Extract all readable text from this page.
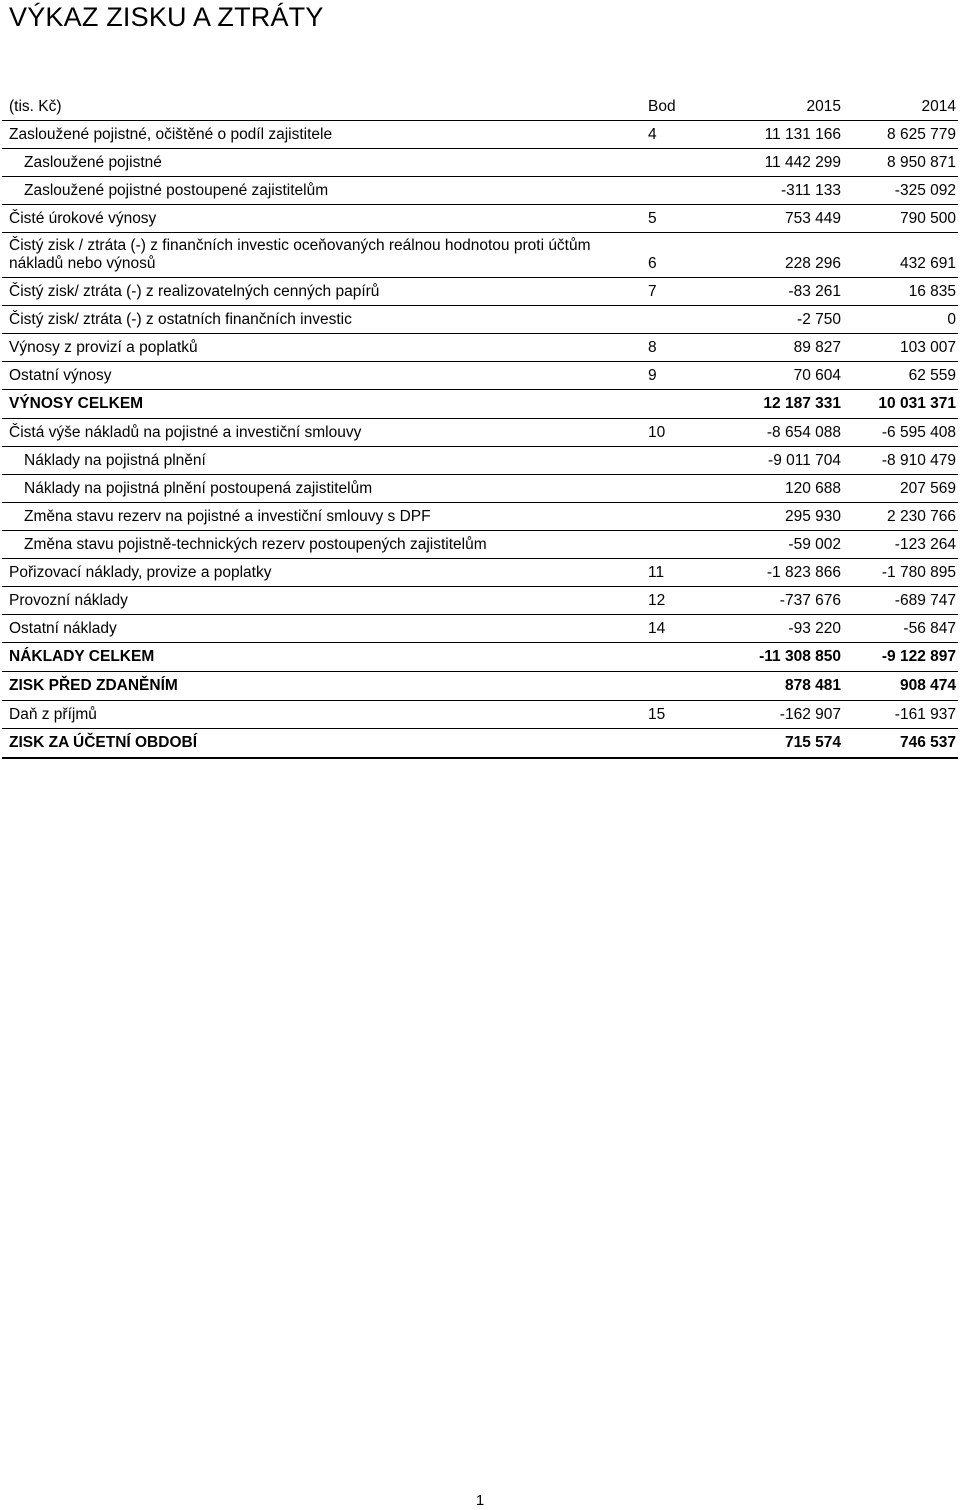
VÝKAZ ZISKU A ZTRÁTY
(tis. Kč)	Bod	2015	2014
Zasloužené pojistné, očištěné o podíl zajistitele	4	11 131 166	8 625 779
Zasloužené pojistné		11 442 299	8 950 871
Zasloužené pojistné postoupené zajistitelům		-311 133	-325 092
Čisté úrokové výnosy	5	753 449	790 500
Čistý zisk / ztráta (-) z finančních investic oceňovaných reálnou hodnotou proti účtům nákladů nebo výnosů	6	228 296	432 691
Čistý zisk/ ztráta (-) z realizovatelných cenných papírů	7	-83 261	16 835
Čistý zisk/ ztráta (-) z ostatních finančních investic		-2 750	0
Výnosy z provizí a poplatků	8	89 827	103 007
Ostatní výnosy	9	70 604	62 559
VÝNOSY CELKEM		12 187 331	10 031 371
Čistá výše nákladů na pojistné a investiční smlouvy	10	-8 654 088	-6 595 408
Náklady na pojistná plnění		-9 011 704	-8 910 479
Náklady na pojistná plnění postoupená zajistitelům		120 688	207 569
Změna stavu rezerv na pojistné a investiční smlouvy s DPF		295 930	2 230 766
Změna stavu pojistně-technických rezerv postoupených zajistitelům		-59 002	-123 264
Pořizovací náklady, provize a poplatky	11	-1 823 866	-1 780 895
Provozní náklady	12	-737 676	-689 747
Ostatní náklady	14	-93 220	-56 847
NÁKLADY CELKEM		-11 308 850	-9 122 897
ZISK PŘED ZDANĚNÍM		878 481	908 474
Daň z příjmů	15	-162 907	-161 937
ZISK ZA ÚČETNÍ OBDOBÍ		715 574	746 537
1
